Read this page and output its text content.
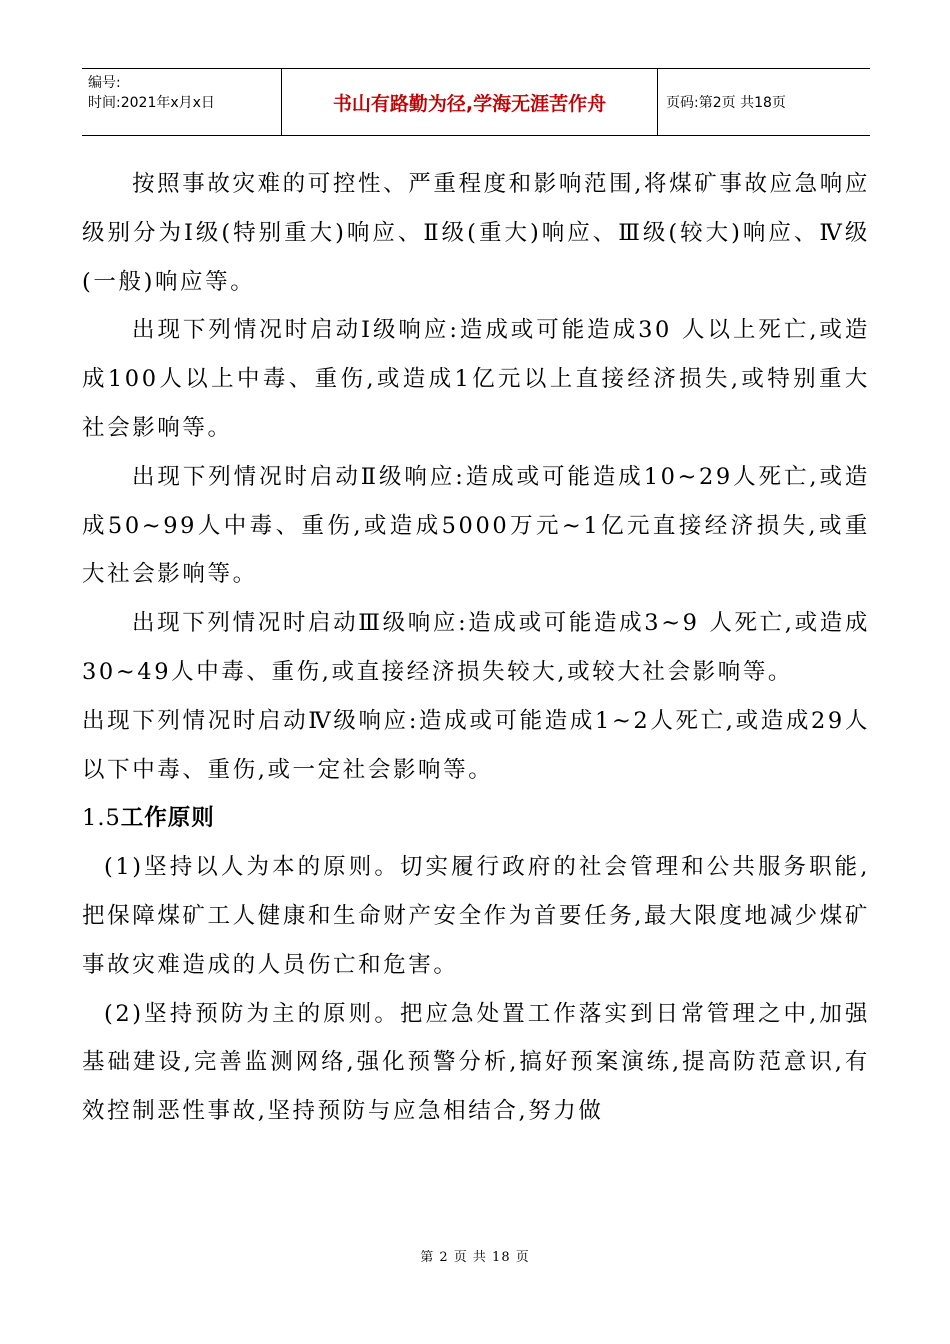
编号:
时间:2021年x月x日	书山有路勤为径,学海无涯苦作舟	页码:第2页 共18页

按照事故灾难的可控性、严重程度和影响范围,将煤矿事故应急响应级别分为Ⅰ级(特别重大)响应、Ⅱ级(重大)响应、Ⅲ级(较大)响应、Ⅳ级(一般)响应等。

出现下列情况时启动Ⅰ级响应:造成或可能造成30 人以上死亡,或造成100人以上中毒、重伤,或造成1亿元以上直接经济损失,或特别重大社会影响等。

出现下列情况时启动Ⅱ级响应:造成或可能造成10~29人死亡,或造成50~99人中毒、重伤,或造成5000万元~1亿元直接经济损失,或重大社会影响等。

出现下列情况时启动Ⅲ级响应:造成或可能造成3~9 人死亡,或造成30~49人中毒、重伤,或直接经济损失较大,或较大社会影响等。

出现下列情况时启动Ⅳ级响应:造成或可能造成1~2人死亡,或造成29人以下中毒、重伤,或一定社会影响等。

1.5工作原则

(1)坚持以人为本的原则。切实履行政府的社会管理和公共服务职能,把保障煤矿工人健康和生命财产安全作为首要任务,最大限度地减少煤矿事故灾难造成的人员伤亡和危害。

(2)坚持预防为主的原则。把应急处置工作落实到日常管理之中,加强基础建设,完善监测网络,强化预警分析,搞好预案演练,提高防范意识,有效控制恶性事故,坚持预防与应急相结合,努力做

第 2 页 共 18 页
